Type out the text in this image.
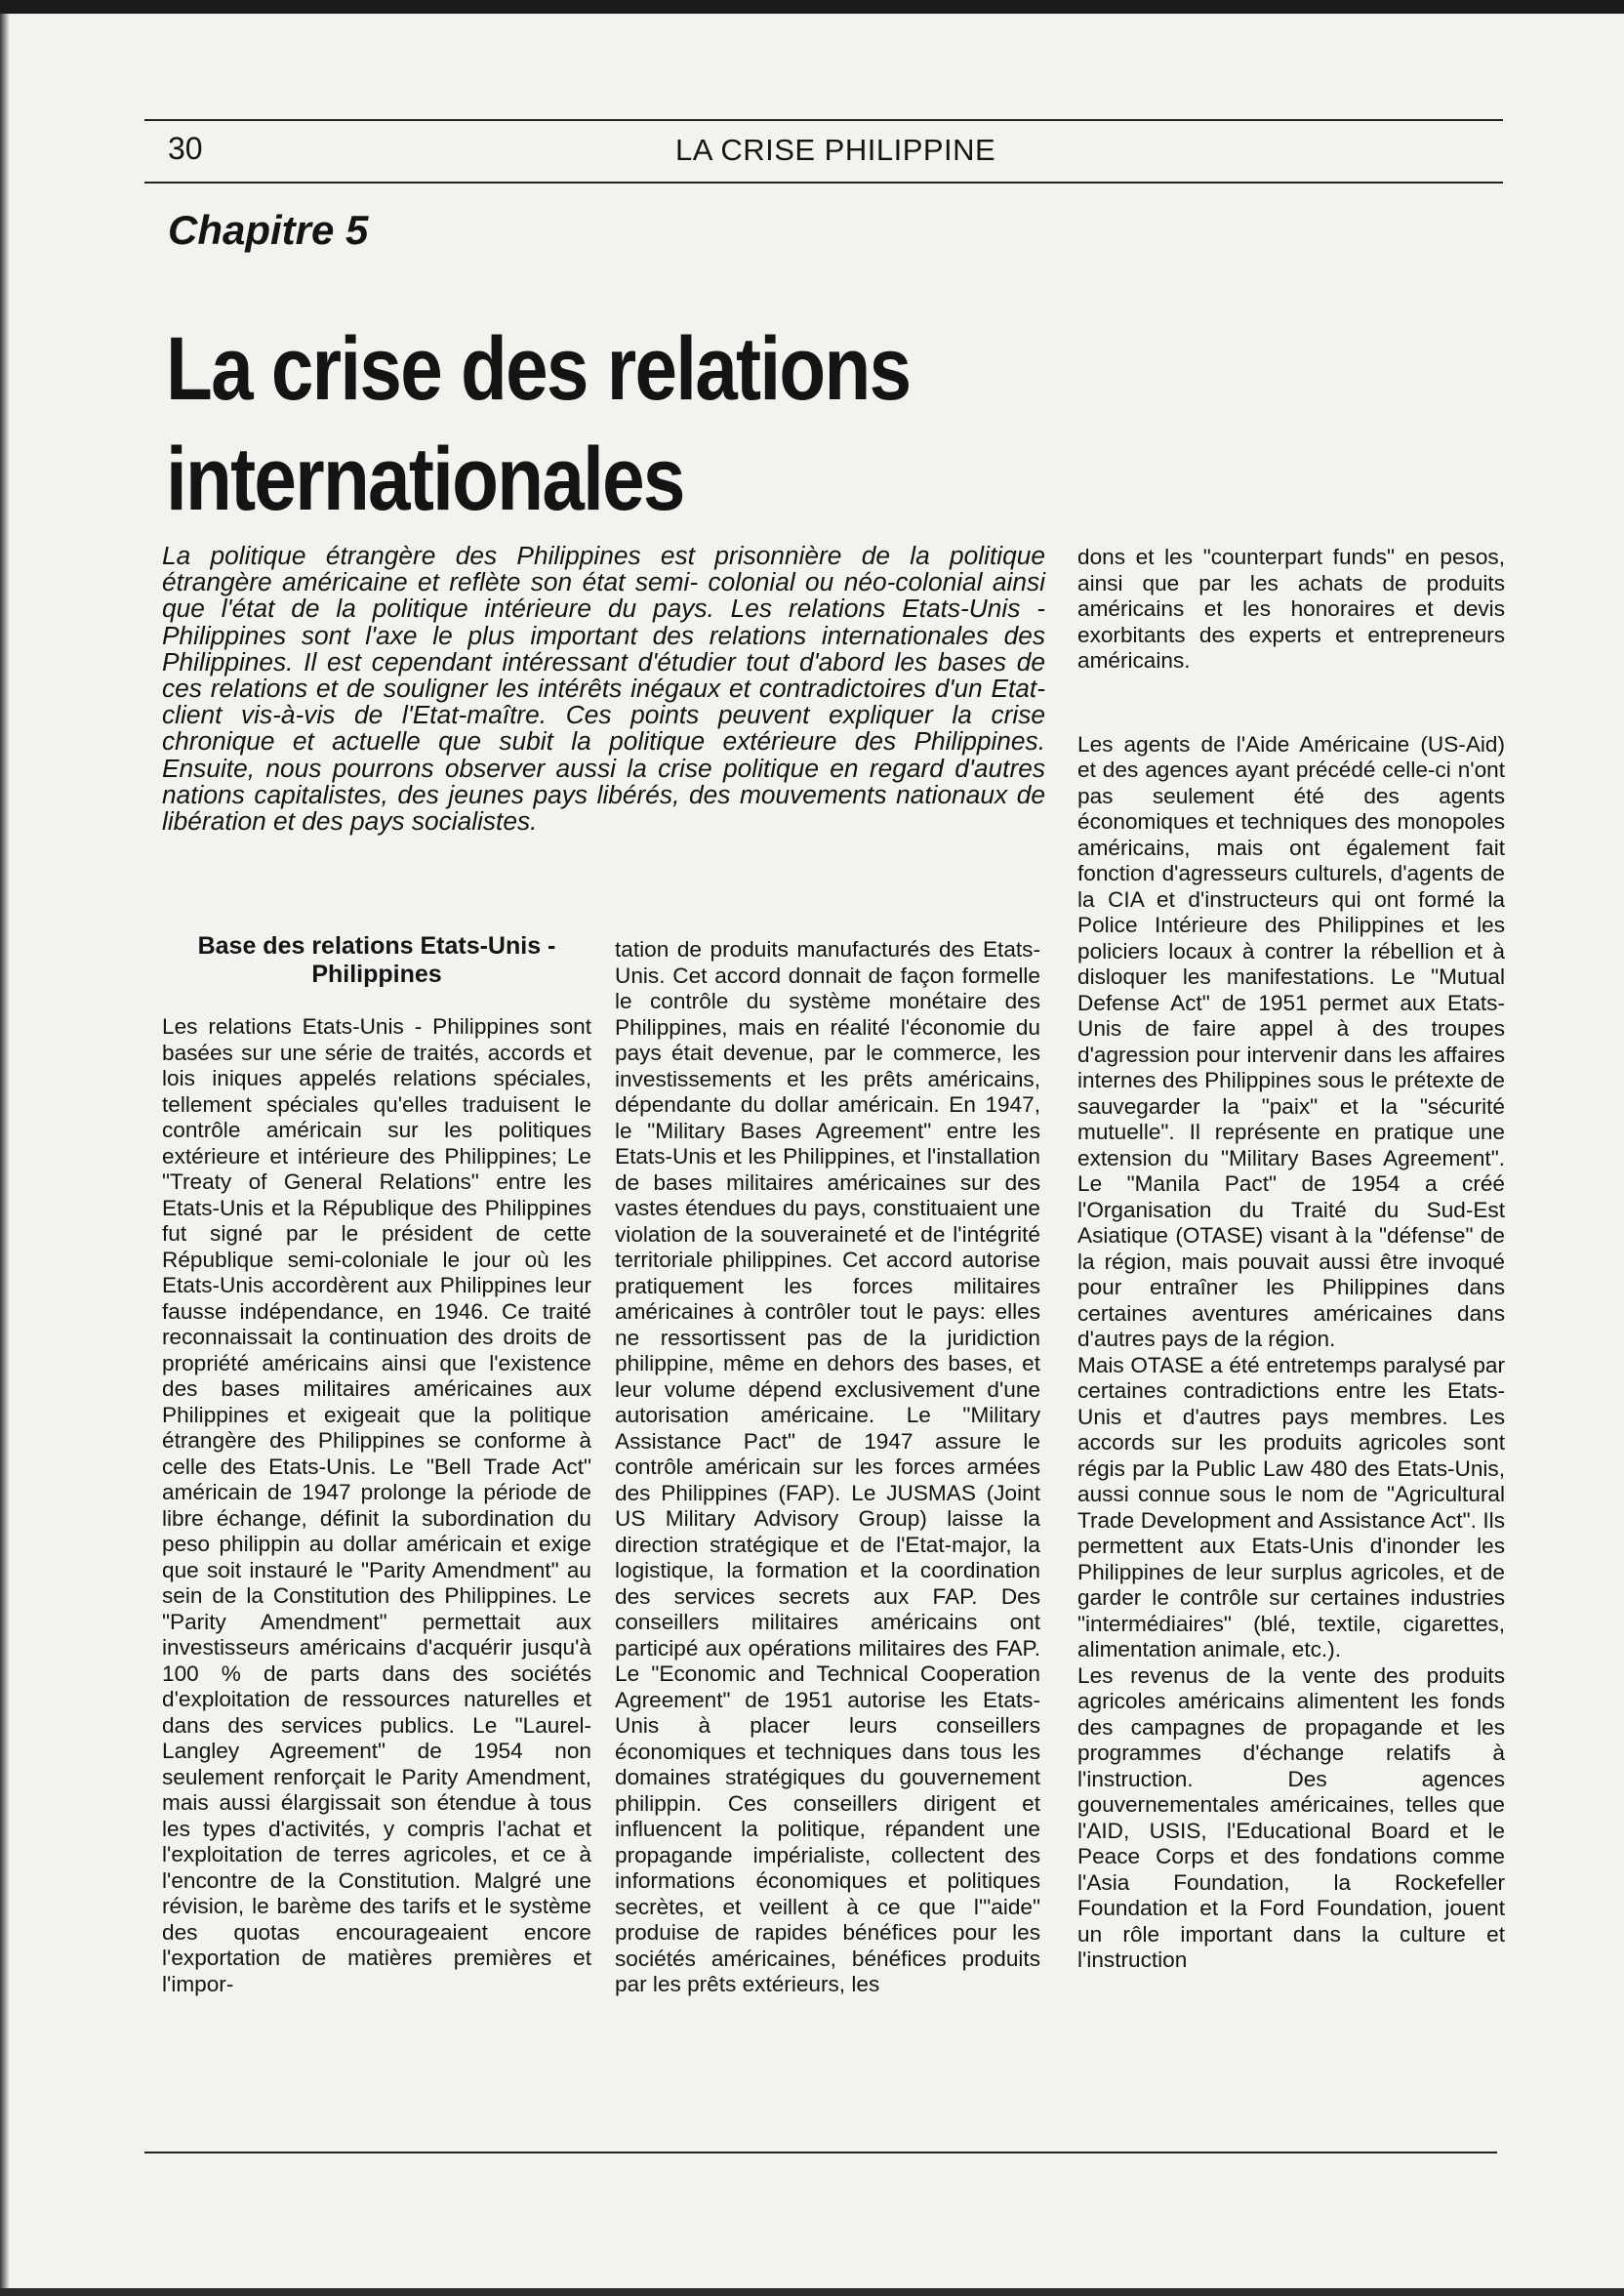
30	LA CRISE PHILIPPINE
Chapitre 5
La crise des relations
internationales
La politique étrangère des Philippines est prisonnière de la politique étrangère américaine et reflète son état semi- colonial ou néo-colonial ainsi que l'état de la politique intérieure du pays. Les relations Etats-Unis - Philippines sont l'axe le plus important des relations internationales des Philippines. Il est cependant intéressant d'étudier tout d'abord les bases de ces relations et de souligner les intérêts inégaux et contradictoires d'un Etat-client vis-à-vis de l'Etat-maître. Ces points peuvent expliquer la crise chronique et actuelle que subit la politique extérieure des Philippines. Ensuite, nous pourrons observer aussi la crise politique en regard d'autres nations capitalistes, des jeunes pays libérés, des mouvements nationaux de libération et des pays socialistes.
Base des relations Etats-Unis - Philippines

Les relations Etats-Unis - Philippines sont basées sur une série de traités, accords et lois iniques appelés relations spéciales, tellement spéciales qu'elles traduisent le contrôle américain sur les politiques extérieure et intérieure des Philippines; Le "Treaty of General Relations" entre les Etats-Unis et la République des Philippines fut signé par le président de cette République semi-coloniale le jour où les Etats-Unis accordèrent aux Philippines leur fausse indépendance, en 1946. Ce traité reconnaissait la continuation des droits de propriété américains ainsi que l'existence des bases militaires américaines aux Philippines et exigeait que la politique étrangère des Philippines se conforme à celle des Etats-Unis. Le "Bell Trade Act" américain de 1947 prolonge la période de libre échange, définit la subordination du peso philippin au dollar américain et exige que soit instauré le "Parity Amendment" au sein de la Constitution des Philippines. Le "Parity Amendment" permettait aux investisseurs américains d'acquérir jusqu'à 100 % de parts dans des sociétés d'exploitation de ressources naturelles et dans des services publics. Le "Laurel-Langley Agreement" de 1954 non seulement renforçait le Parity Amendment, mais aussi élargissait son étendue à tous les types d'activités, y compris l'achat et l'exploitation de terres agricoles, et ce à l'encontre de la Constitution. Malgré une révision, le barème des tarifs et le système des quotas encourageaient encore l'exportation de matières premières et l'impor-

tation de produits manufacturés des Etats-Unis. Cet accord donnait de façon formelle le contrôle du système monétaire des Philippines, mais en réalité l'économie du pays était devenue, par le commerce, les investissements et les prêts américains, dépendante du dollar américain. En 1947, le "Military Bases Agreement" entre les Etats-Unis et les Philippines, et l'installation de bases militaires américaines sur des vastes étendues du pays, constituaient une violation de la souveraineté et de l'intégrité territoriale philippines. Cet accord autorise pratiquement les forces militaires américaines à contrôler tout le pays: elles ne ressortissent pas de la juridiction philippine, même en dehors des bases, et leur volume dépend exclusivement d'une autorisation américaine. Le "Military Assistance Pact" de 1947 assure le contrôle américain sur les forces armées des Philippines (FAP). Le JUSMAS (Joint US Military Advisory Group) laisse la direction stratégique et de l'Etat-major, la logistique, la formation et la coordination des services secrets aux FAP. Des conseillers militaires américains ont participé aux opérations militaires des FAP. Le "Economic and Technical Cooperation Agreement" de 1951 autorise les Etats-Unis à placer leurs conseillers économiques et techniques dans tous les domaines stratégiques du gouvernement philippin. Ces conseillers dirigent et influencent la politique, répandent une propagande impérialiste, collectent des informations économiques et politiques secrètes, et veillent à ce que l'"aide" produise de rapides bénéfices pour les sociétés américaines, bénéfices produits par les prêts extérieurs, les

dons et les "counterpart funds" en pesos, ainsi que par les achats de produits américains et les honoraires et devis exorbitants des experts et entrepreneurs américains.

Les agents de l'Aide Américaine (US-Aid) et des agences ayant précédé celle-ci n'ont pas seulement été des agents économiques et techniques des monopoles américains, mais ont également fait fonction d'agresseurs culturels, d'agents de la CIA et d'instructeurs qui ont formé la Police Intérieure des Philippines et les policiers locaux à contrer la rébellion et à disloquer les manifestations. Le "Mutual Defense Act" de 1951 permet aux Etats-Unis de faire appel à des troupes d'agression pour intervenir dans les affaires internes des Philippines sous le prétexte de sauvegarder la "paix" et la "sécurité mutuelle". Il représente en pratique une extension du "Military Bases Agreement". Le "Manila Pact" de 1954 a créé l'Organisation du Traité du Sud-Est Asiatique (OTASE) visant à la "défense" de la région, mais pouvait aussi être invoqué pour entraîner les Philippines dans certaines aventures américaines dans d'autres pays de la région.

Mais OTASE a été entretemps paralysé par certaines contradictions entre les Etats-Unis et d'autres pays membres. Les accords sur les produits agricoles sont régis par la Public Law 480 des Etats-Unis, aussi connue sous le nom de "Agricultural Trade Development and Assistance Act". Ils permettent aux Etats-Unis d'inonder les Philippines de leur surplus agricoles, et de garder le contrôle sur certaines industries "intermédiaires" (blé, textile, cigarettes, alimentation animale, etc.).

Les revenus de la vente des produits agricoles américains alimentent les fonds des campagnes de propagande et les programmes d'échange relatifs à l'instruction. Des agences gouvernementales américaines, telles que l'AID, USIS, l'Educational Board et le Peace Corps et des fondations comme l'Asia Foundation, la Rockefeller Foundation et la Ford Foundation, jouent un rôle important dans la culture et l'instruction
